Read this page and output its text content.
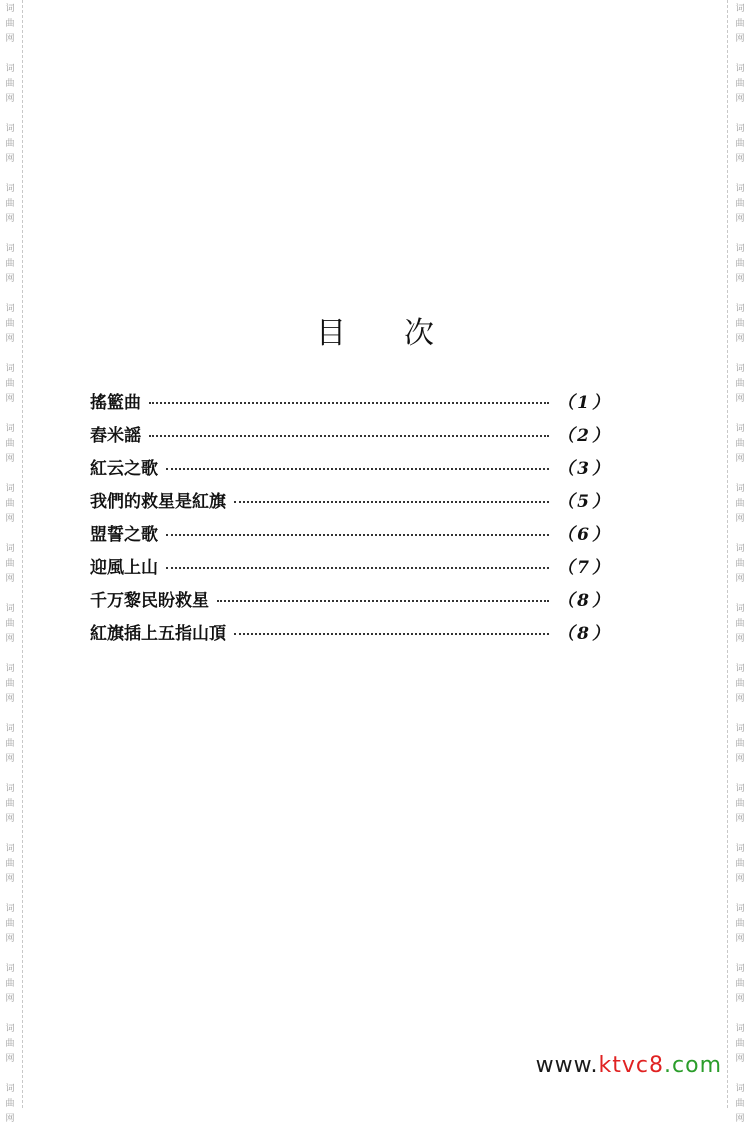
词
曲
网
词
曲
网
词
曲
网
词
曲
网
词
曲
网
词
曲
网
词
曲
网
词
曲
网
词
曲
网
词
曲
网
词
曲
网
词
曲
网
词
曲
网
词
曲
网
词
曲
网
词
曲
网
词
曲
网
词
曲
网
词
曲
网
词
曲
网
词
曲
网
词
曲
网
词
曲
网
词
曲
网
词
曲
网
词
曲
网
词
曲
网
词
曲
网
词
曲
网
词
曲
网
词
曲
网
词
曲
网
词
曲
网
词
曲
网
词
曲
网
词
曲
网
词
曲
网
词
曲
网
目次
搖籃曲	（1）
舂米謡	（2）
紅云之歌	（3）
我們的救星是紅旗	（5）
盟誓之歌	（6）
迎風上山	（7）
千万黎民盼救星	（8）
紅旗插上五指山頂	（8）
www.ktvc8.com
